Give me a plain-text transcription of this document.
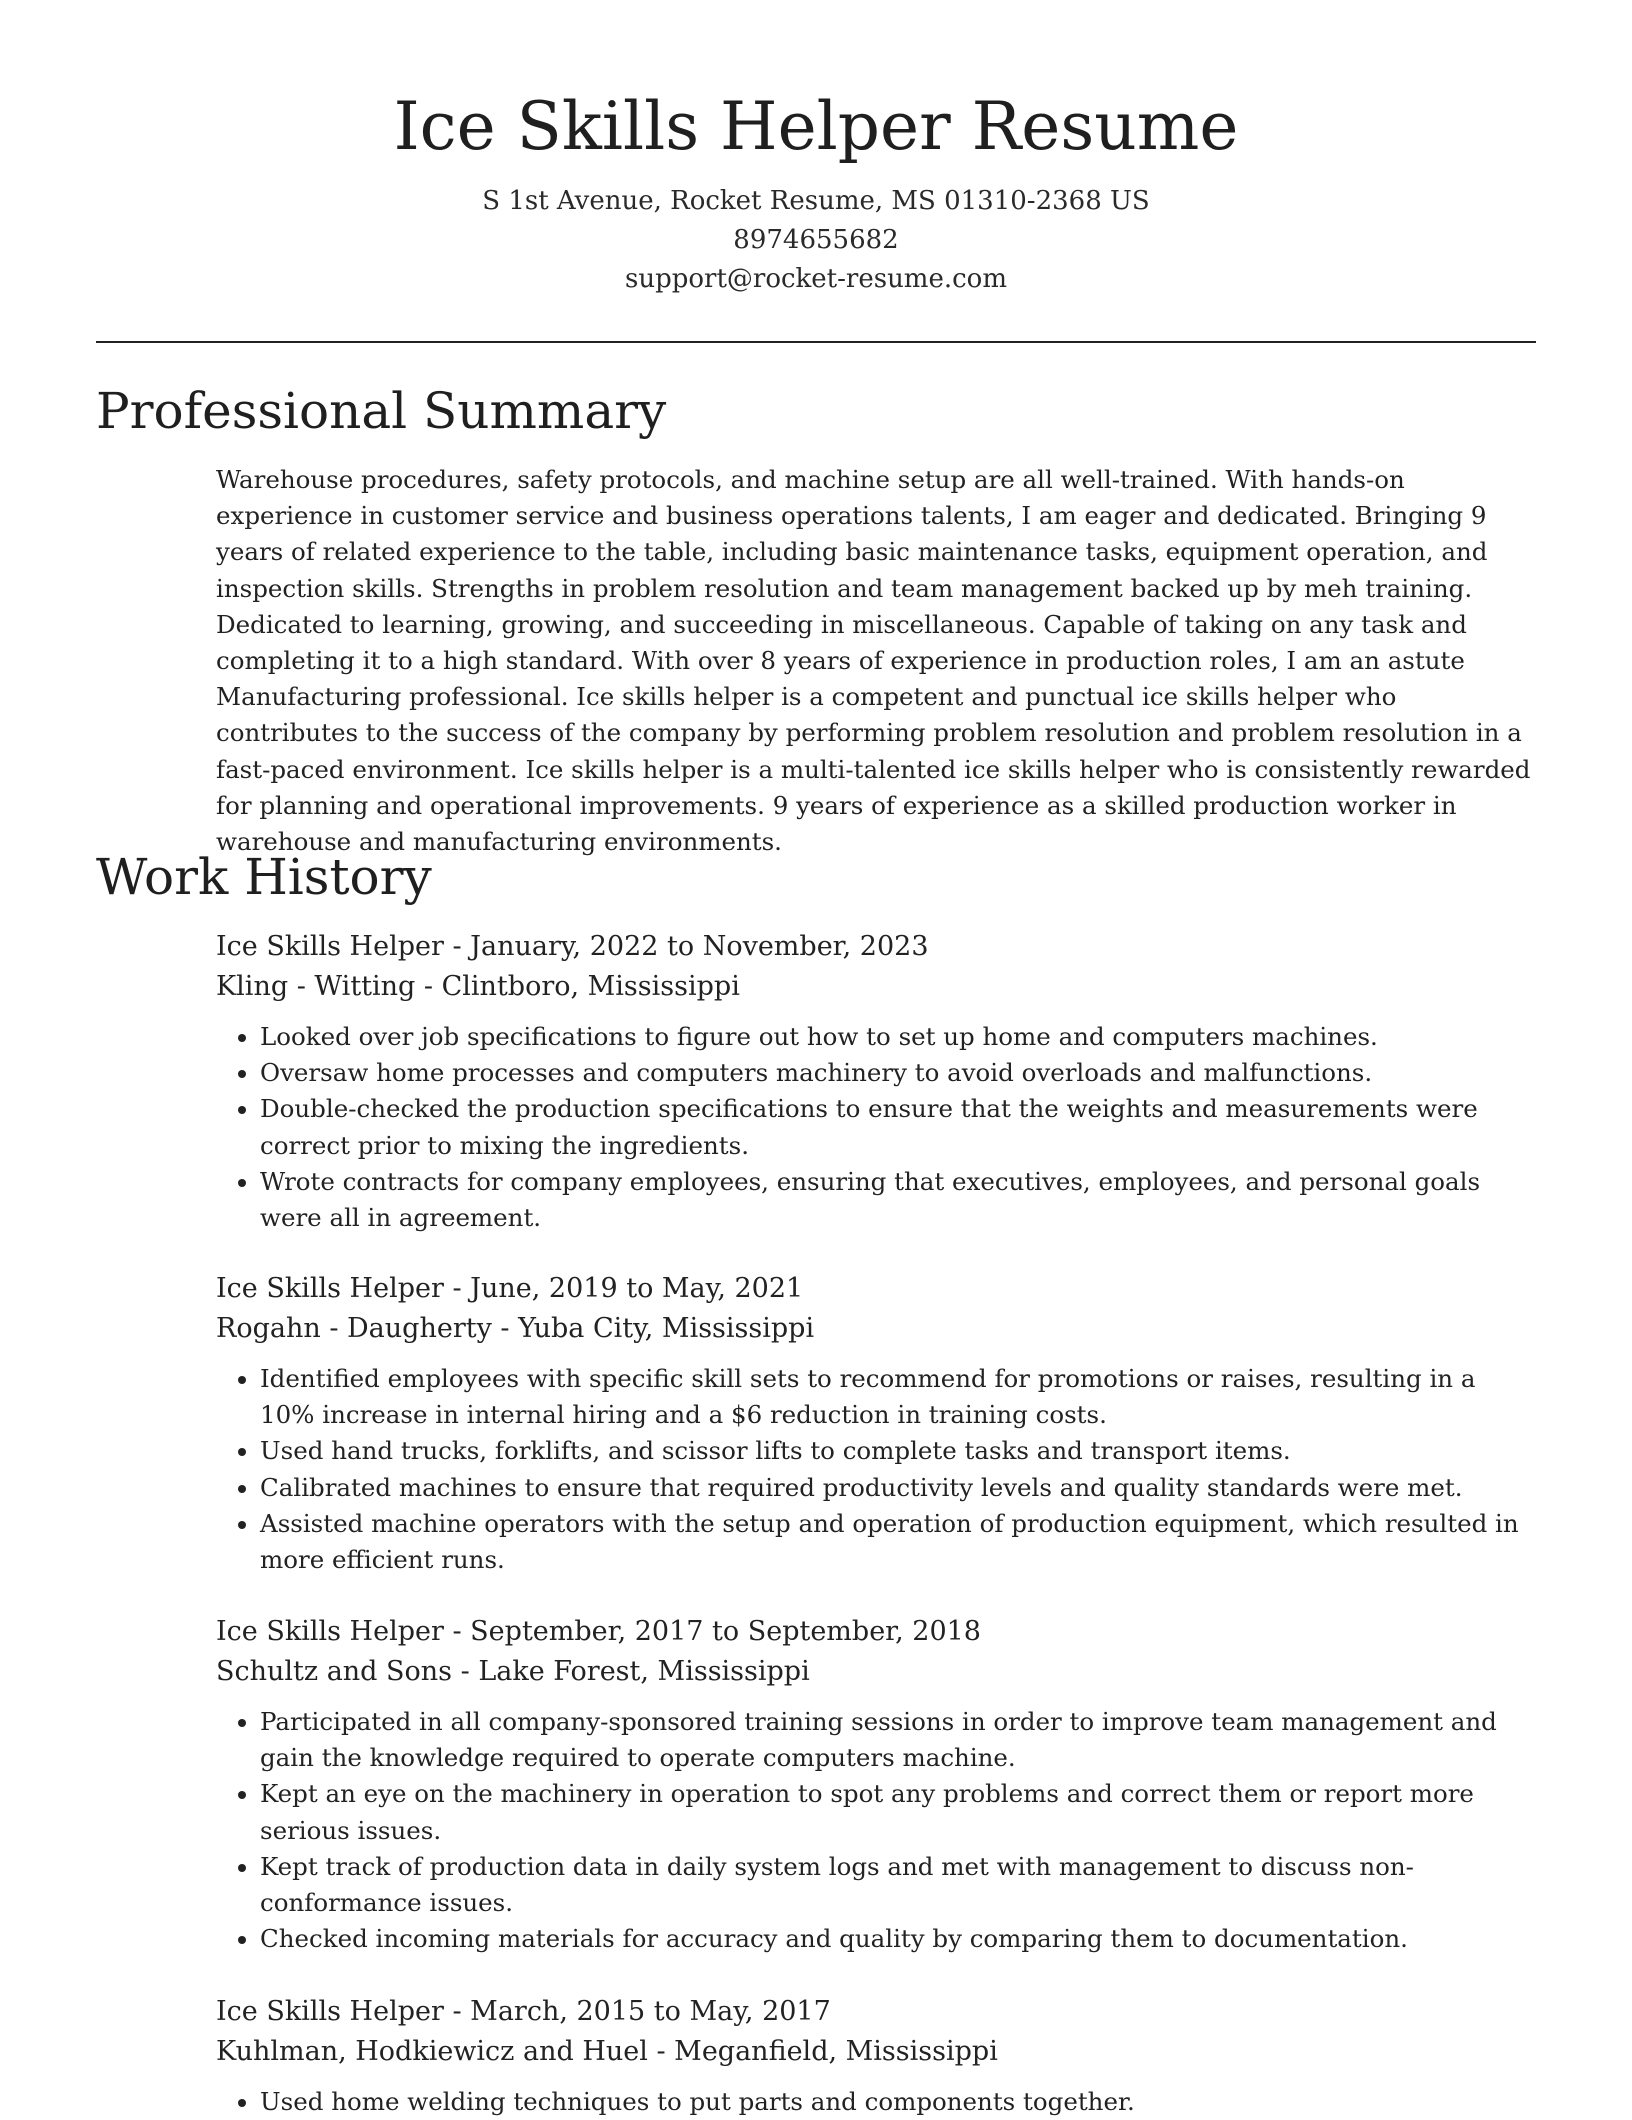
Ice Skills Helper Resume
S 1st Avenue, Rocket Resume, MS 01310-2368 US
8974655682
support@rocket-resume.com
Professional Summary

Warehouse procedures, safety protocols, and machine setup are all well-trained. With hands-on experience in customer service and business operations talents, I am eager and dedicated. Bringing 9 years of related experience to the table, including basic maintenance tasks, equipment operation, and inspection skills. Strengths in problem resolution and team management backed up by meh training. Dedicated to learning, growing, and succeeding in miscellaneous. Capable of taking on any task and completing it to a high standard. With over 8 years of experience in production roles, I am an astute Manufacturing professional. Ice skills helper is a competent and punctual ice skills helper who contributes to the success of the company by performing problem resolution and problem resolution in a fast-paced environment. Ice skills helper is a multi-talented ice skills helper who is consistently rewarded for planning and operational improvements. 9 years of experience as a skilled production worker in warehouse and manufacturing environments.

Work History

Ice Skills Helper - January, 2022 to November, 2023

Kling - Witting - Clintboro, Mississippi

• Looked over job specifications to figure out how to set up home and computers machines.
• Oversaw home processes and computers machinery to avoid overloads and malfunctions.
• Double-checked the production specifications to ensure that the weights and measurements were correct prior to mixing the ingredients.
• Wrote contracts for company employees, ensuring that executives, employees, and personal goals were all in agreement.

Ice Skills Helper - June, 2019 to May, 2021

Rogahn - Daugherty - Yuba City, Mississippi

• Identified employees with specific skill sets to recommend for promotions or raises, resulting in a 10% increase in internal hiring and a $6 reduction in training costs.
• Used hand trucks, forklifts, and scissor lifts to complete tasks and transport items.
• Calibrated machines to ensure that required productivity levels and quality standards were met.
• Assisted machine operators with the setup and operation of production equipment, which resulted in more efficient runs.

Ice Skills Helper - September, 2017 to September, 2018

Schultz and Sons - Lake Forest, Mississippi

• Participated in all company-sponsored training sessions in order to improve team management and gain the knowledge required to operate computers machine.
• Kept an eye on the machinery in operation to spot any problems and correct them or report more serious issues.
• Kept track of production data in daily system logs and met with management to discuss non-conformance issues.
• Checked incoming materials for accuracy and quality by comparing them to documentation.

Ice Skills Helper - March, 2015 to May, 2017

Kuhlman, Hodkiewicz and Huel - Meganfield, Mississippi

• Used home welding techniques to put parts and components together.
